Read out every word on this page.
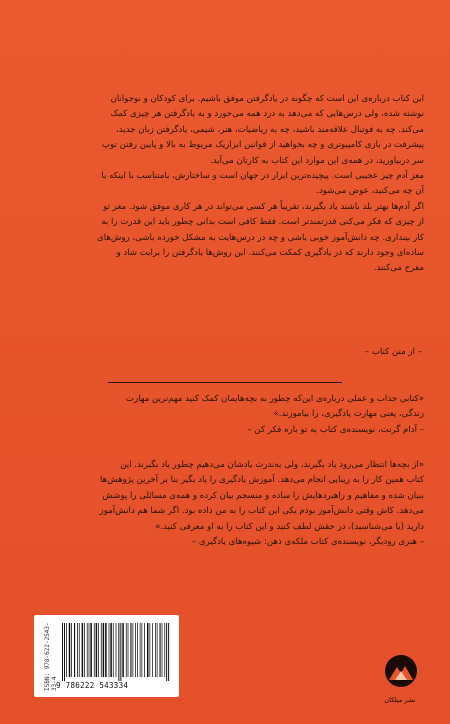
این کتاب درباره‌ی این است که چگونه در یادگرفتن موفق باشیم. برای کودکان و نوجوانان
نوشته شده، ولی درس‌هایی که می‌دهد به درد همه می‌خورد و به یادگرفتن هر چیزی کمک
می‌کند. چه به فوتبال علاقه‌مند باشید، چه به ریاضیات، هنر، شیمی، یادگرفتن زبان جدید،
پیشرفت در بازی کامپیوتری و چه بخواهید از قوانین ابزاریک مربوط به بالا و پایین رفتن توپ
سر دربیاورید، در همه‌ی این موارد این کتاب به کارتان می‌آید.
مغز آدم چیز عجیبی است. پیچیده‌ترین ابزار در جهان است و ساختارش، بامتناسب با اینکه با
آن چه می‌کنید، عوض می‌شود.
اگر آدم‌ها بهتر بلد باشند یاد بگیرند، تقریباً هر کسی می‌تواند در هر کاری موفق شود. مغز تو
از چیزی که فکر می‌کنی قدرتمندتر است. فقط کافی است بدانی چطور باید این قدرت را به
کار بیندازی. چه دانش‌آموز خوبی باشی و چه در درس‌هایت به مشکل خورده باشی، روش‌های
ساده‌ای وجود دارند که در یادگیری کمکت می‌کنند. این روش‌ها یادگرفتن را برایت شاد و
مفرح می‌کنند.
– از متن کتاب –
«کتابی جذاب و عملی درباره‌ی این‌که چطور به بچه‌هایمان کمک کنید مهم‌ترین مهارت
زندگی، یعنی مهارت یادگیری، را بیاموزند.»
– آدام گرنت، نویسنده‌ی کتاب به تو باره فکر کن –
«از بچه‌ها انتظار می‌رود یاد بگیرند، ولی به‌ندرت یادشان می‌دهیم چطور یاد بگیرند. این
کتاب همین کار را به زیبایی انجام می‌دهد. آموزش یادگیری را یاد بگیر بنا بر آخرین پژوهش‌ها
بنیان شده و مفاهیم و راهبردهایش را ساده و منسجم بیان کرده و همه‌ی مسائلی را پوشش
می‌دهد. کاش وقتی دانش‌آموز بودم یکی این کتاب را به من داده بود. اگر شما هم دانش‌آموز
دارید (یا می‌شناسید)، در حقش لطف کنید و این کتاب را به او معرفی کنید.»
– هنری رودیگر، نویسنده‌ی کتاب ملکه‌ی ذهن: شیوه‌های یادگیری –
ISBN: 978-622-2543-33-4
9 786222 543334
نشر میلکان
